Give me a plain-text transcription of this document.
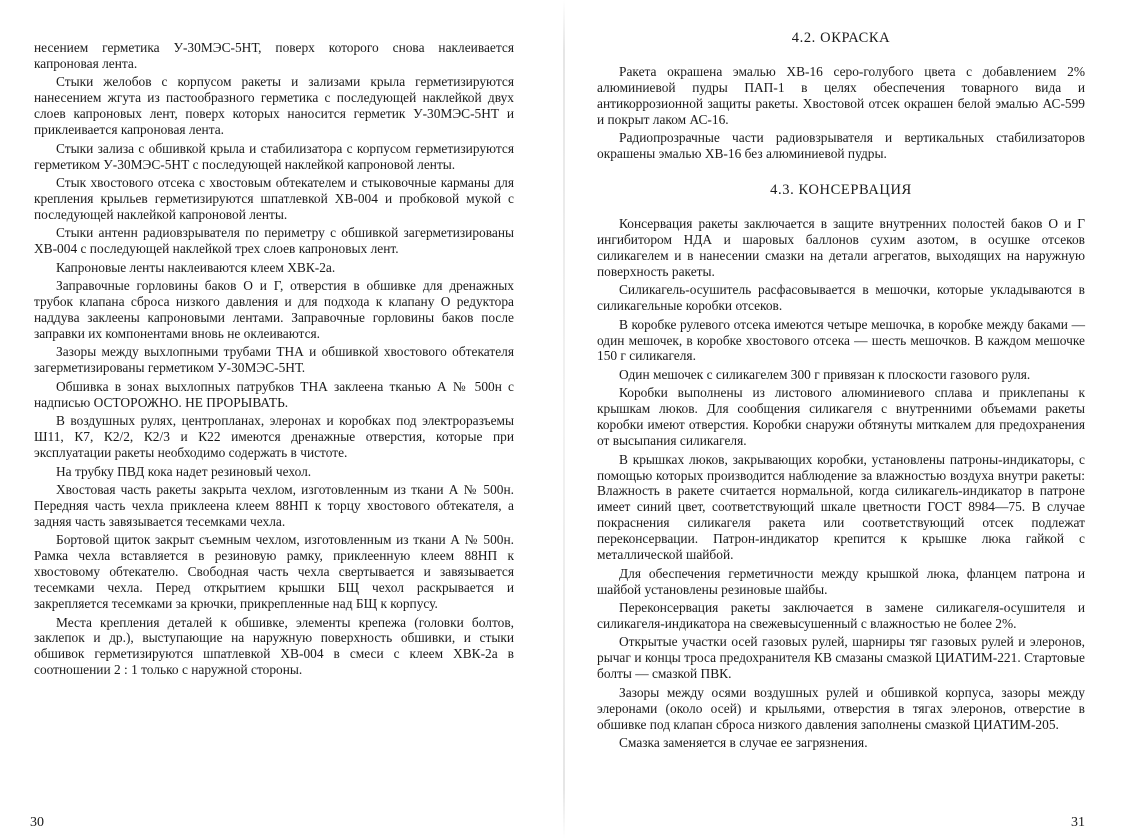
несением герметика У-30МЭС-5НТ, поверх которого снова наклеивается капроновая лента.

Стыки желобов с корпусом ракеты и зализами крыла герметизируются нанесением жгута из пастообразного герметика с последующей наклейкой двух слоев капроновых лент, поверх которых наносится герметик У-30МЭС-5НТ и приклеивается капроновая лента.

Стыки зализа с обшивкой крыла и стабилизатора с корпусом герметизируются герметиком У-30МЭС-5НТ с последующей наклейкой капроновой ленты.

Стык хвостового отсека с хвостовым обтекателем и стыковочные карманы для крепления крыльев герметизируются шпатлевкой ХВ-004 и пробковой мукой с последующей наклейкой капроновой ленты.

Стыки антенн радиовзрывателя по периметру с обшивкой загерметизированы ХВ-004 с последующей наклейкой трех слоев капроновых лент.

Капроновые ленты наклеиваются клеем ХВК-2а.

Заправочные горловины баков О и Г, отверстия в обшивке для дренажных трубок клапана сброса низкого давления и для подхода к клапану О редуктора наддува заклеены капроновыми лентами. Заправочные горловины баков после заправки их компонентами вновь не оклеиваются.

Зазоры между выхлопными трубами ТНА и обшивкой хвостового обтекателя загерметизированы герметиком У-30МЭС-5НТ.

Обшивка в зонах выхлопных патрубков ТНА заклеена тканью А № 500н с надписью ОСТОРОЖНО. НЕ ПРОРЫВАТЬ.

В воздушных рулях, центропланах, элеронах и коробках под электроразъемы Ш11, К7, К2/2, К2/3 и К22 имеются дренажные отверстия, которые при эксплуатации ракеты необходимо содержать в чистоте.

На трубку ПВД кока надет резиновый чехол.

Хвостовая часть ракеты закрыта чехлом, изготовленным из ткани А № 500н. Передняя часть чехла приклеена клеем 88НП к торцу хвостового обтекателя, а задняя часть завязывается тесемками чехла.

Бортовой щиток закрыт съемным чехлом, изготовленным из ткани А № 500н. Рамка чехла вставляется в резиновую рамку, приклеенную клеем 88НП к хвостовому обтекателю. Свободная часть чехла свертывается и завязывается тесемками чехла. Перед открытием крышки БЩ чехол раскрывается и закрепляется тесемками за крючки, прикрепленные над БЩ к корпусу.

Места крепления деталей к обшивке, элементы крепежа (головки болтов, заклепок и др.), выступающие на наружную поверхность обшивки, и стыки обшивок герметизируются шпатлевкой ХВ-004 в смеси с клеем ХВК-2а в соотношении 2 : 1 только с наружной стороны.

30
4.2. ОКРАСКА

Ракета окрашена эмалью ХВ-16 серо-голубого цвета с добавлением 2% алюминиевой пудры ПАП-1 в целях обеспечения товарного вида и антикоррозионной защиты ракеты. Хвостовой отсек окрашен белой эмалью АС-599 и покрыт лаком АС-16.

Радиопрозрачные части радиовзрывателя и вертикальных стабилизаторов окрашены эмалью ХВ-16 без алюминиевой пудры.

4.3. КОНСЕРВАЦИЯ

Консервация ракеты заключается в защите внутренних полостей баков О и Г ингибитором НДА и шаровых баллонов сухим азотом, в осушке отсеков силикагелем и в нанесении смазки на детали агрегатов, выходящих на наружную поверхность ракеты.

Силикагель-осушитель расфасовывается в мешочки, которые укладываются в силикагельные коробки отсеков.

В коробке рулевого отсека имеются четыре мешочка, в коробке между баками — один мешочек, в коробке хвостового отсека — шесть мешочков. В каждом мешочке 150 г силикагеля.

Один мешочек с силикагелем 300 г привязан к плоскости газового руля.

Коробки выполнены из листового алюминиевого сплава и приклепаны к крышкам люков. Для сообщения силикагеля с внутренними объемами ракеты коробки имеют отверстия. Коробки снаружи обтянуты миткалем для предохранения от высыпания силикагеля.

В крышках люков, закрывающих коробки, установлены патроны-индикаторы, с помощью которых производится наблюдение за влажностью воздуха внутри ракеты: Влажность в ракете считается нормальной, когда силикагель-индикатор в патроне имеет синий цвет, соответствующий шкале цветности ГОСТ 8984—75. В случае покраснения силикагеля ракета или соответствующий отсек подлежат переконсервации. Патрон-индикатор крепится к крышке люка гайкой с металлической шайбой.

Для обеспечения герметичности между крышкой люка, фланцем патрона и шайбой установлены резиновые шайбы.

Переконсервация ракеты заключается в замене силикагеля-осушителя и силикагеля-индикатора на свежевысушенный с влажностью не более 2%.

Открытые участки осей газовых рулей, шарниры тяг газовых рулей и элеронов, рычаг и концы троса предохранителя КВ смазаны смазкой ЦИАТИМ-221. Стартовые болты — смазкой ПВК.

Зазоры между осями воздушных рулей и обшивкой корпуса, зазоры между элеронами (около осей) и крыльями, отверстия в тягах элеронов, отверстие в обшивке под клапан сброса низкого давления заполнены смазкой ЦИАТИМ-205.

Смазка заменяется в случае ее загрязнения.

31
